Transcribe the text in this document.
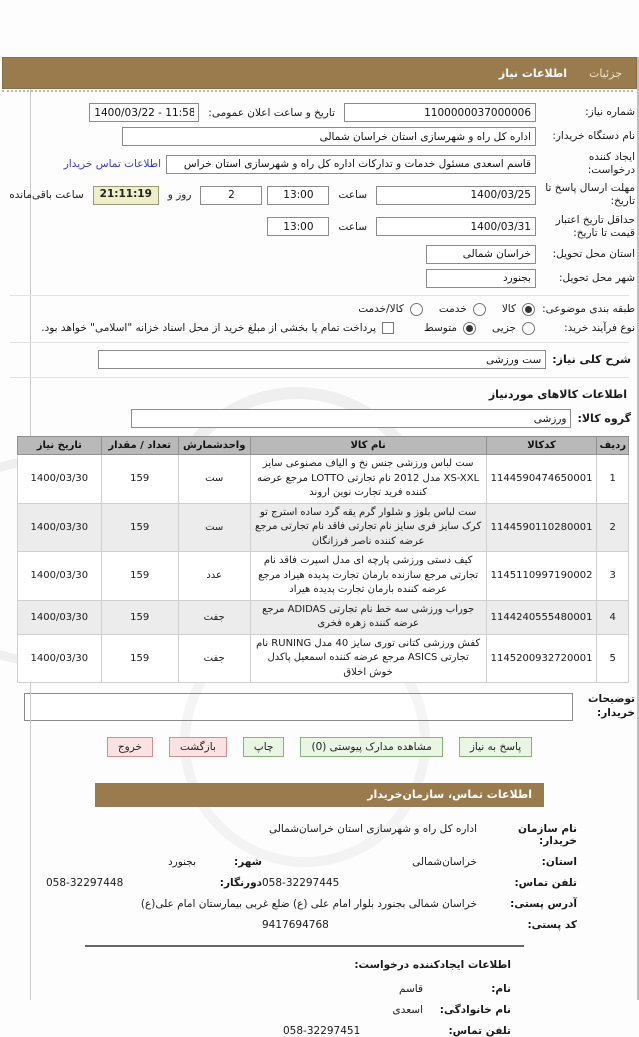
جزئیات
اطلاعات نیاز
شماره نیاز:
1100000037000006
تاریخ و ساعت اعلان عمومی:
1400/03/22 - 11:58
نام دستگاه خریدار:
اداره کل راه و شهرسازی استان خراسان شمالی
ایجاد کننده درخواست:
قاسم اسعدی مسئول خدمات و تدارکات اداره کل راه و شهرسازی استان خراس
اطلاعات تماس خریدار
مهلت ارسال پاسخ تا تاریخ:
1400/03/25
ساعت
13:00
2
روز و
21:11:19
ساعت باقی‌مانده
حداقل تاریخ اعتبار قیمت تا تاریخ:
1400/03/31
ساعت
13:00
استان محل تحویل:
خراسان شمالی
شهر محل تحویل:
بجنورد
طبقه بندی موضوعی:
کالا
خدمت
کالا/خدمت
نوع فرآیند خرید:
جزیی
متوسط
پرداخت تمام یا بخشی از مبلغ خرید از محل اسناد خزانه "اسلامی" خواهد بود.
شرح کلی نیاز:
ست ورزشی
اطلاعات کالاهای موردنیاز
گروه کالا:
ورزشی
ردیف	کدکالا	نام کالا	واحدشمارش	تعداد / مقدار	تاریخ نیاز
1	1144590474650001	ست لباس ورزشی جنس نخ و الیاف مصنوعی سایز XS-XXL مدل 2012 نام تجارتی LOTTO مرجع عرضه کننده فرید تجارت نوین اروند	ست	159	1400/03/30
2	1144590110280001	ست لباس بلوز و شلوار گرم یقه گرد ساده استرج تو کرک سایز فری سایز نام تجارتی فاقد نام تجارتی مرجع عرضه کننده ناصر فرزانگان	ست	159	1400/03/30
3	1145110997190002	کیف دستی ورزشی پارچه ای مدل اسپرت فاقد نام تجارتی مرجع سازنده بارمان تجارت پدیده هیراد مرجع عرضه کننده بارمان تجارت پدیده هیراد	عدد	159	1400/03/30
4	1144240555480001	جوراب ورزشی سه خط نام تجارتی ADIDAS مرجع عرضه کننده زهره فخری	جفت	159	1400/03/30
5	1145200932720001	کفش ورزشی کتانی توری سایز 40 مدل RUNING نام تجارتی ASICS مرجع عرضه کننده اسمعیل پاکدل خوش اخلاق	جفت	159	1400/03/30
توضیحات خریدار:
پاسخ به نیاز
مشاهده مدارک پیوستی (0)
چاپ
بازگشت
خروج
اطلاعات تماس، سازمان‌خریدار
نام سازمان خریدار:
اداره کل راه و شهرسازی استان خراسان‌شمالی
استان:
خراسان‌شمالی
شهر:
بجنورد
تلفن تماس:
058-32297445
دورنگار:
058-32297448
آدرس پستی:
خراسان شمالی بجنورد بلوار امام علی (ع) ضلع غربی بیمارستان امام علی(ع)
کد پستی:
9417694768
اطلاعات ایجادکننده درخواست:
نام:
قاسم
نام خانوادگی:
اسعدی
تلفن تماس:
058-32297451
